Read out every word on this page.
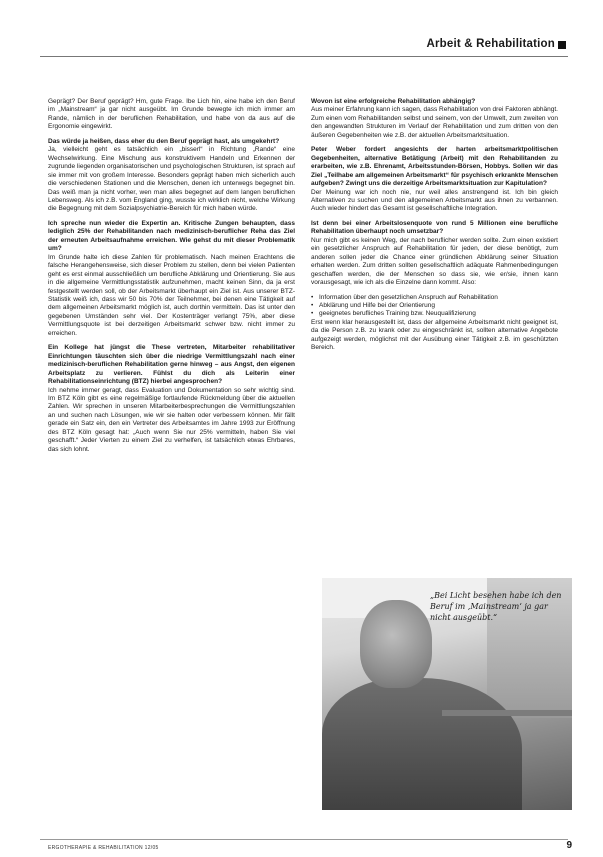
Arbeit & Rehabilitation

Geprägt? Der Beruf geprägt? Hm, gute Frage. Ibe Lich hin, eine habe ich den Beruf im „Mainstream“ ja gar nicht ausgeübt. Im Grunde bewegte ich mich immer am Rande, nämlich in der beruflichen Rehabilitation, und habe von da aus auf die Ergonomie eingewirkt.

Das würde ja heißen, dass eher du den Beruf geprägt hast, als umgekehrt?

Ja, vielleicht geht es tatsächlich ein „bisserl“ in Richtung „Rande“ eine Wechselwirkung. Eine Mischung aus konstruktivem Handeln und Erkennen der zugrunde liegenden organisatorischen und psychologischen Strukturen, ist sprach auf sie immer mit von großem Interesse. Besonders geprägt haben mich sicherlich auch die verschiedenen Stationen und die Menschen, denen ich unterwegs begegnet bin. Das weiß man ja nicht vorher, wen man alles begegnet auf dem langen beruflichen Lebensweg. Als ich z.B. vom England ging, wusste ich wirklich nicht, welche Wirkung die Begegnung mit dem Sozialpsychiatrie-Bereich für mich haben würde.

Ich spreche nun wieder die Expertin an. Kritische Zungen behaupten, dass lediglich 25% der Rehabilitanden nach medizinisch-beruflicher Reha das Ziel der erneuten Arbeitsaufnahme erreichen. Wie gehst du mit dieser Problematik um?

Im Grunde halte ich diese Zahlen für problematisch. Nach meinen Erachtens die falsche Herangehensweise, sich dieser Problem zu stellen, denn bei vielen Patienten geht es erst einmal ausschließlich um berufliche Abklärung und Orientierung. Sie aus in die allgemeine Vermittlungsstatistik aufzunehmen, macht keinen Sinn, da ja erst festgestellt werden soll, ob der Arbeitsmarkt überhaupt ein Ziel ist. Aus unserer BTZ-Statistik weiß ich, dass wir 50 bis 70% der Teilnehmer, bei denen eine Tätigkeit auf dem allgemeinen Arbeitsmarkt möglich ist, auch dorthin vermitteln. Das ist unter den gegebenen Umständen sehr viel. Der Kostenträger verlangt 75%, aber diese Vermittlungsquote ist bei derzeitigen Arbeitsmarkt schwer bzw. nicht immer zu erreichen.

Ein Kollege hat jüngst die These vertreten, Mitarbeiter rehabilitativer Einrichtungen täuschten sich über die niedrige Vermittlungszahl nach einer medizinisch-beruflichen Rehabilitation gerne hinweg – aus Angst, den eigenen Arbeitsplatz zu verlieren. Fühlst du dich als Leiterin einer Rehabilitationseinrichtung (BTZ) hierbei angesprochen?

Ich nehme immer geragt, dass Evaluation und Dokumentation so sehr wichtig sind. Im BTZ Köln gibt es eine regelmäßige fortlaufende Rückmeldung über die aktuellen Zahlen. Wir sprechen in unseren Mitarbeiterbesprechungen die Vermittlungszahlen an und suchen nach Lösungen, wie wir sie halten oder verbessern können. Mir fällt gerade ein Satz ein, den ein Vertreter des Arbeitsamtes im Jahre 1993 zur Eröffnung des BTZ Köln gesagt hat: „Auch wenn Sie nur 25% vermitteln, haben Sie viel geschafft.“ Jeder Vierten zu einem Ziel zu verhelfen, ist tatsächlich etwas Ehrbares, das sich lohnt.

Wovon ist eine erfolgreiche Rehabilitation abhängig?

Aus meiner Erfahrung kann ich sagen, dass Rehabilitation von drei Faktoren abhängt. Zum einen vom Rehabilitanden selbst und seinem, von der Umwelt, zum zweiten von den angewandten Strukturen im Verlauf der Rehabilitation und zum dritten von den äußeren Gegebenheiten wie z.B. der aktuellen Arbeitsmarktsituation.

Peter Weber fordert angesichts der harten arbeitsmarktpolitischen Gegebenheiten, alternative Betätigung (Arbeit) mit den Rehabilitanden zu erarbeiten, wie z.B. Ehrenamt, Arbeitsstunden-Börsen, Hobbys. Sollen wir das Ziel „Teilhabe am allgemeinen Arbeitsmarkt“ für psychisch erkrankte Menschen aufgeben? Zwingt uns die derzeitige Arbeitsmarktsituation zur Kapitulation?

Der Meinung war ich noch nie, nur weil alles anstrengend ist. Ich bin gleich Alternativen zu suchen und den allgemeinen Arbeitsmarkt aus ihnen zu verbannen. Auch wieder hindert das Gesamt ist gesellschaftliche Integration.

Ist denn bei einer Arbeitslosenquote von rund 5 Millionen eine berufliche Rehabilitation überhaupt noch umsetzbar?

Nur mich gibt es keinen Weg, der nach beruflicher werden sollte. Zum einen existiert ein gesetzlicher Anspruch auf Rehabilitation für jeden, der diese benötigt, zum anderen sollen jeder die Chance einer gründlichen Abklärung seiner Situation erhalten werden. Zum dritten sollten gesellschaftlich adäquate Rahmenbedingungen geschaffen werden, die der Menschen so dass sie, wie er/sie, ihnen kann vorausgesagt, wie ich als die Einzelne dann kommt. Also:

• Information über den gesetzlichen Anspruch auf Rehabilitation
• Abklärung und Hilfe bei der Orientierung
• geeignetes berufliches Training bzw. Neuqualifizierung

Erst wenn klar herausgestellt ist, dass der allgemeine Arbeitsmarkt nicht geeignet ist, da die Person z.B. zu krank oder zu eingeschränkt ist, sollten alternative Angebote aufgezeigt werden, möglichst mit der Ausübung einer Tätigkeit z.B. im geschützten Bereich.

„Bei Licht besehen habe ich den Beruf im ‚Mainstream‘ ja gar nicht ausgeübt.“
ERGOTHERAPIE & REHABILITATION 12/05	9
